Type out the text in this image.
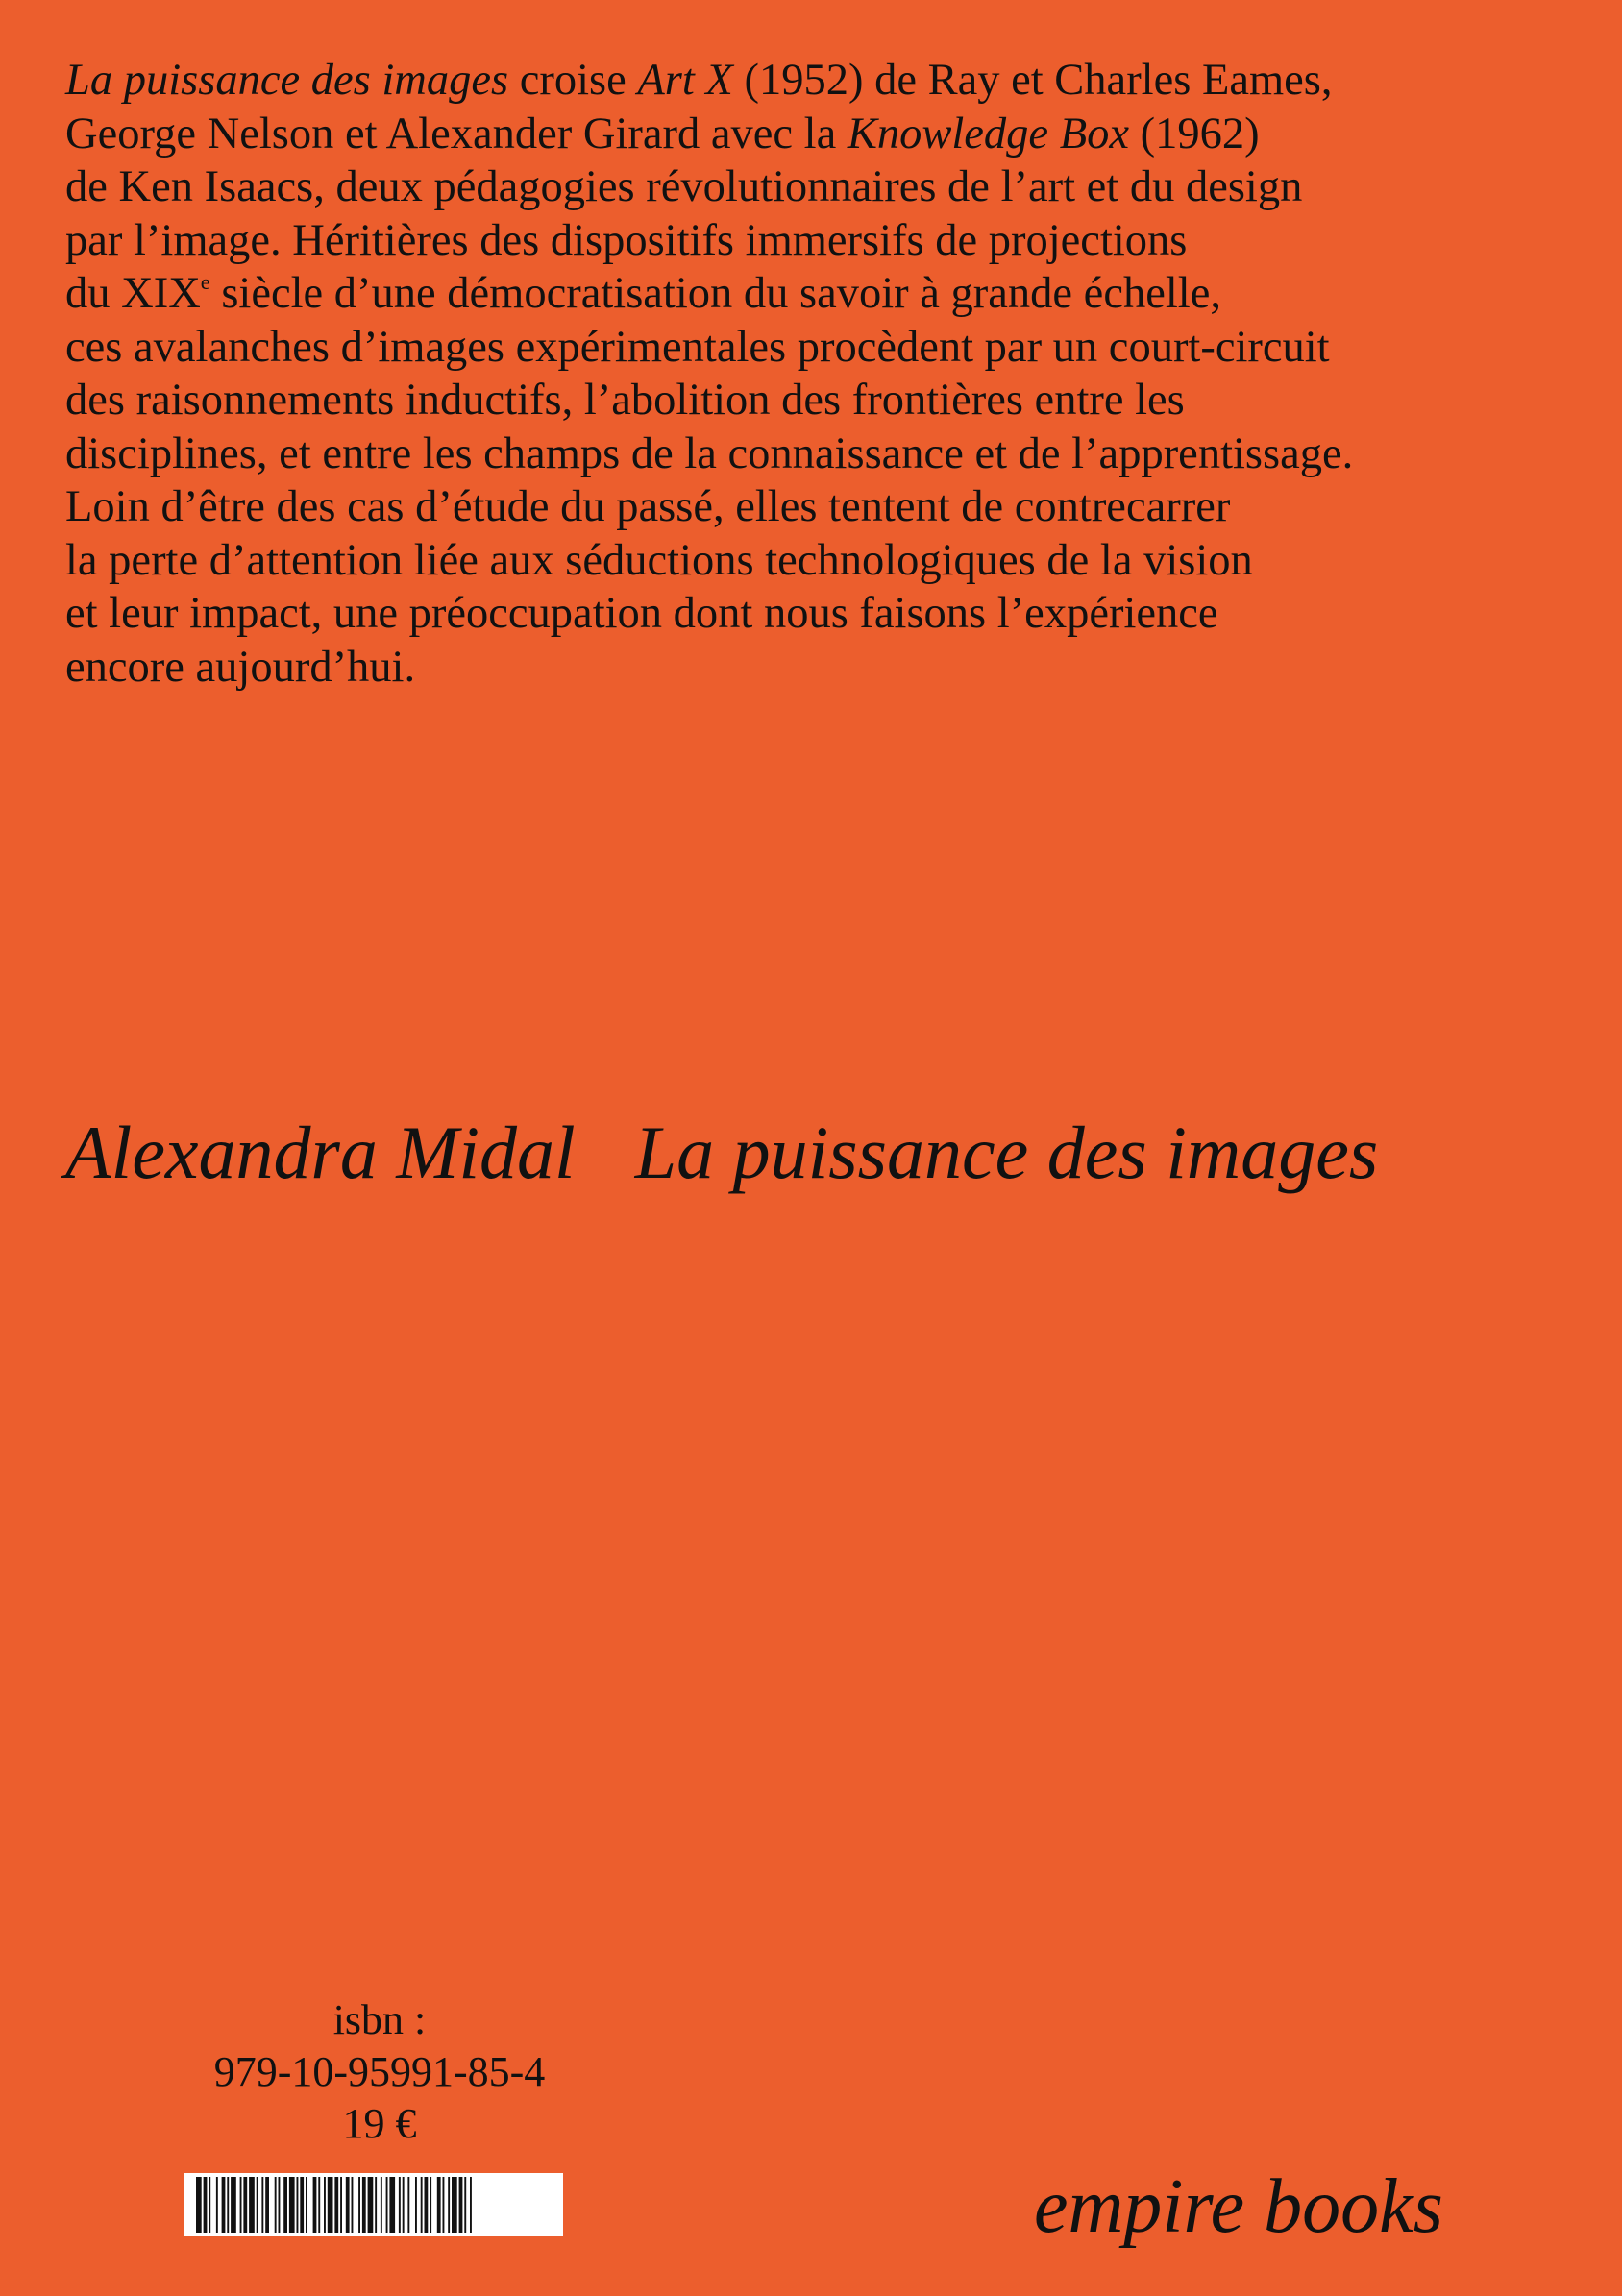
La puissance des images croise Art X (1952) de Ray et Charles Eames,
George Nelson et Alexander Girard avec la Knowledge Box (1962)
de Ken Isaacs, deux pédagogies révolutionnaires de l’art et du design
par l’image. Héritières des dispositifs immersifs de projections
du XIXe siècle d’une démocratisation du savoir à grande échelle,
ces avalanches d’images expérimentales procèdent par un court-circuit
des raisonnements inductifs, l’abolition des frontières entre les
disciplines, et entre les champs de la connaissance et de l’apprentissage.
Loin d’être des cas d’étude du passé, elles tentent de contrecarrer
la perte d’attention liée aux séductions technologiques de la vision
et leur impact, une préoccupation dont nous faisons l’expérience
encore aujourd’hui.
Alexandra Midal La puissance des images
isbn :
979-10-95991-85-4
19 €
empire books
